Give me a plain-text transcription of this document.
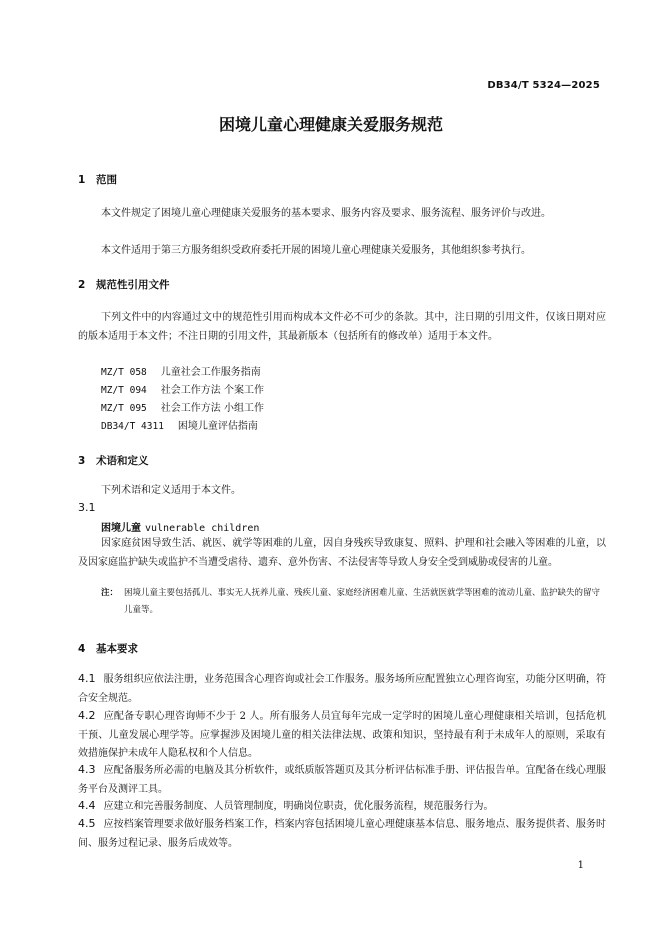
DB34/T 5324—2025
困境儿童心理健康关爱服务规范
1 范围
本文件规定了困境儿童心理健康关爱服务的基本要求、服务内容及要求、服务流程、服务评价与改进。
本文件适用于第三方服务组织受政府委托开展的困境儿童心理健康关爱服务，其他组织参考执行。
2 规范性引用文件
下列文件中的内容通过文中的规范性引用而构成本文件必不可少的条款。其中，注日期的引用文件，仅该日期对应的版本适用于本文件；不注日期的引用文件，其最新版本（包括所有的修改单）适用于本文件。
MZ/T 058 儿童社会工作服务指南
MZ/T 094 社会工作方法 个案工作
MZ/T 095 社会工作方法 小组工作
DB34/T 4311 困境儿童评估指南
3 术语和定义
下列术语和定义适用于本文件。
3.1
困境儿童 vulnerable children
因家庭贫困导致生活、就医、就学等困难的儿童，因自身残疾导致康复、照料、护理和社会融入等困难的儿童，以及因家庭监护缺失或监护不当遭受虐待、遗弃、意外伤害、不法侵害等导致人身安全受到威胁或侵害的儿童。
注： 困境儿童主要包括孤儿、事实无人抚养儿童、残疾儿童、家庭经济困难儿童、生活就医就学等困难的流动儿童、监护缺失的留守儿童等。
4 基本要求
4.1 服务组织应依法注册，业务范围含心理咨询或社会工作服务。服务场所应配置独立心理咨询室，功能分区明确，符合安全规范。
4.2 应配备专职心理咨询师不少于 2 人。所有服务人员宜每年完成一定学时的困境儿童心理健康相关培训，包括危机干预、儿童发展心理学等。应掌握涉及困境儿童的相关法律法规、政策和知识，坚持最有利于未成年人的原则，采取有效措施保护未成年人隐私权和个人信息。
4.3 应配备服务所必需的电脑及其分析软件，或纸质版答题页及其分析评估标准手册、评估报告单。宜配备在线心理服务平台及测评工具。
4.4 应建立和完善服务制度、人员管理制度，明确岗位职责，优化服务流程，规范服务行为。
4.5 应按档案管理要求做好服务档案工作，档案内容包括困境儿童心理健康基本信息、服务地点、服务提供者、服务时间、服务过程记录、服务后成效等。
1
